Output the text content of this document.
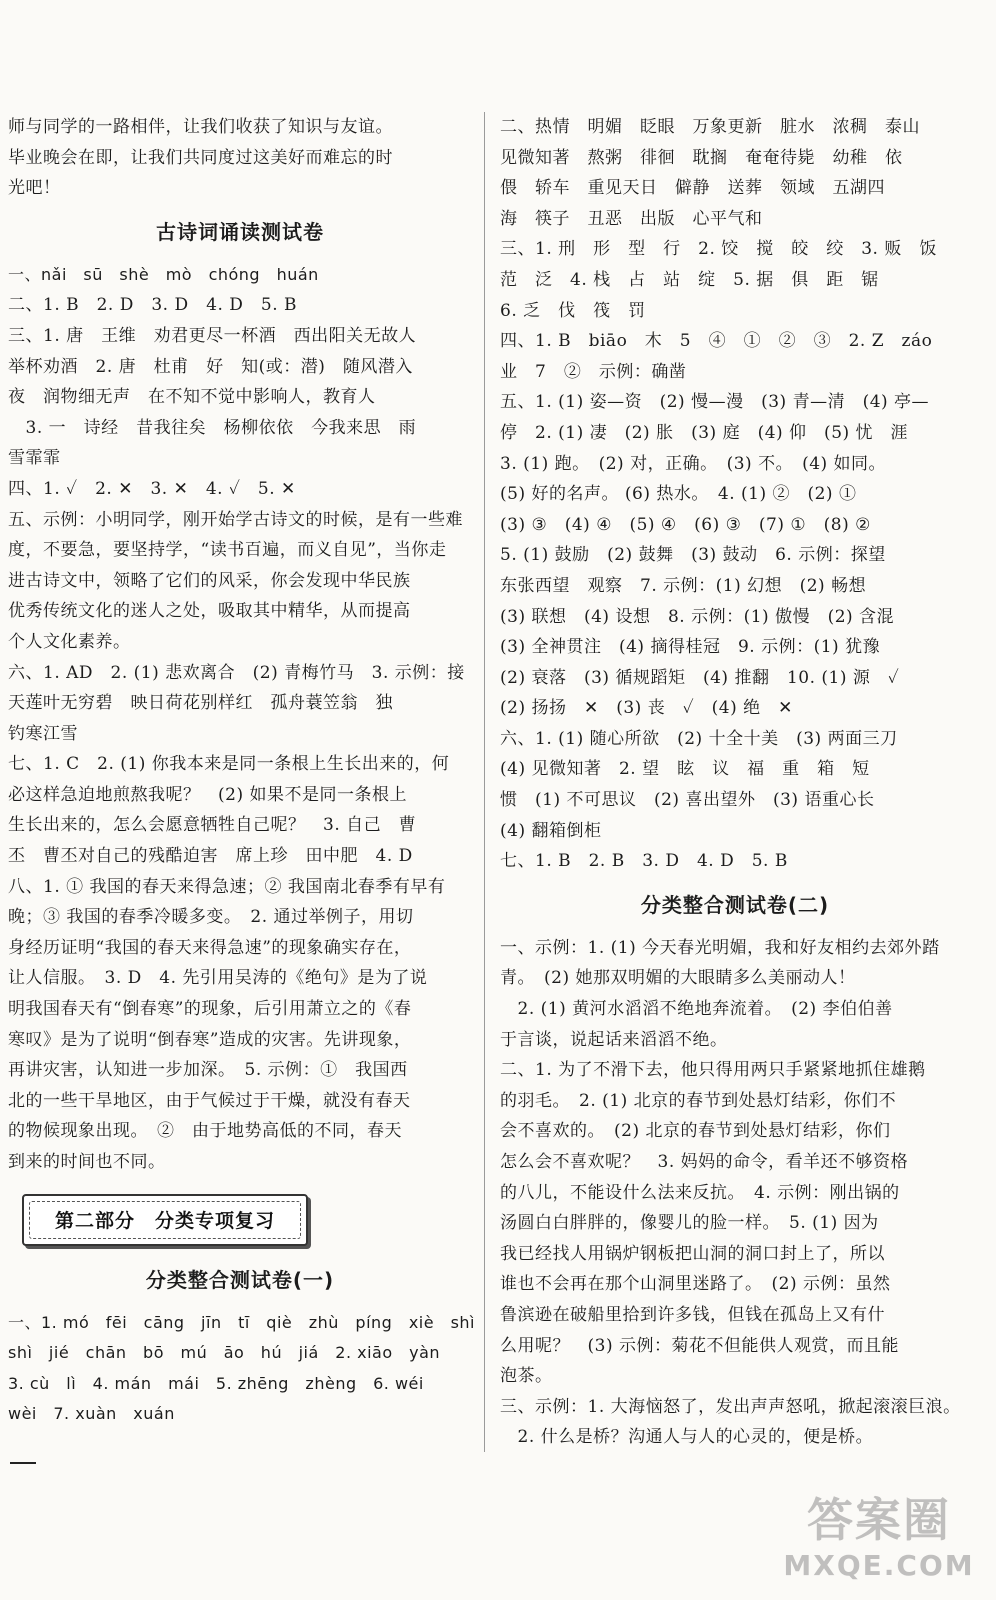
师与同学的一路相伴，让我们收获了知识与友谊。
毕业晚会在即，让我们共同度过这美好而难忘的时
光吧！
古诗词诵读测试卷
一、nǎi　sū　shè　mò　chóng　huán
二、1. B　2. D　3. D　4. D　5. B
三、1. 唐　王维　劝君更尽一杯酒　西出阳关无故人
举杯劝酒　2. 唐　杜甫　好　知(或：潜)　随风潜入
夜　润物细无声　在不知不觉中影响人，教育人
　3. 一　诗经　昔我往矣　杨柳依依　今我来思　雨
雪霏霏
四、1. ✓　2. ✕　3. ✕　4. ✓　5. ✕
五、示例：小明同学，刚开始学古诗文的时候，是有一些难
度，不要急，要坚持学，“读书百遍，而义自见”，当你走
进古诗文中，领略了它们的风采，你会发现中华民族
优秀传统文化的迷人之处，吸取其中精华，从而提高
个人文化素养。
六、1. AD　2. (1) 悲欢离合　(2) 青梅竹马　3. 示例：接
天莲叶无穷碧　映日荷花别样红　孤舟蓑笠翁　独
钓寒江雪
七、1. C　2. (1) 你我本来是同一条根上生长出来的，何
必这样急迫地煎熬我呢？　(2) 如果不是同一条根上
生长出来的，怎么会愿意牺牲自己呢？　3. 自己　曹
丕　曹丕对自己的残酷迫害　席上珍　田中肥　4. D
八、1. ① 我国的春天来得急速；② 我国南北春季有早有
晚；③ 我国的春季冷暖多变。　2. 通过举例子，用切
身经历证明“我国的春天来得急速”的现象确实存在，
让人信服。　3. D　4. 先引用吴涛的《绝句》是为了说
明我国春天有“倒春寒”的现象，后引用萧立之的《春
寒叹》是为了说明“倒春寒”造成的灾害。先讲现象，
再讲灾害，认知进一步加深。　5. 示例：①　我国西
北的一些干旱地区，由于气候过于干燥，就没有春天
的物候现象出现。　②　由于地势高低的不同，春天
到来的时间也不同。
第二部分　分类专项复习
分类整合测试卷(一)
一、1. mó　fēi　cāng　jīn　tī　qiè　zhù　píng　xiè　shì
shì　jié　chān　bō　mú　āo　hú　jiá　2. xiāo　yàn
3. cù　lì　4. mán　mái　5. zhēng　zhèng　6. wéi
wèi　7. xuàn　xuán
二、热情　明媚　眨眼　万象更新　脏水　浓稠　泰山
见微知著　熬粥　徘徊　耽搁　奄奄待毙　幼稚　依
偎　轿车　重见天日　僻静　送葬　领域　五湖四
海　筷子　丑恶　出版　心平气和
三、1. 刑　形　型　行　2. 饺　搅　皎　绞　3. 贩　饭
范　泛　4. 栈　占　站　绽　5. 据　俱　距　锯
6. 乏　伐　筏　罚
四、1. B　biāo　木　5　④　①　②　③　2. Z　záo
业　7　②　示例：确凿
五、1. (1) 姿—资　(2) 慢—漫　(3) 青—清　(4) 亭—
停　2. (1) 凄　(2) 胀　(3) 庭　(4) 仰　(5) 忧　涯
3. (1) 跑。　(2) 对，正确。　(3) 不。　(4) 如同。
(5) 好的名声。 (6) 热水。　4. (1) ②　(2) ①
(3) ③　(4) ④　(5) ④　(6) ③　(7) ①　(8) ②
5. (1) 鼓励　(2) 鼓舞　(3) 鼓动　6. 示例：探望
东张西望　观察　7. 示例：(1) 幻想　(2) 畅想
(3) 联想　(4) 设想　8. 示例：(1) 傲慢　(2) 含混
(3) 全神贯注　(4) 摘得桂冠　9. 示例：(1) 犹豫
(2) 衰落　(3) 循规蹈矩　(4) 推翻　10. (1) 源　✓
(2) 扬扬　✕　(3) 丧　✓　(4) 绝　✕
六、1. (1) 随心所欲　(2) 十全十美　(3) 两面三刀
(4) 见微知著　2. 望　眩　议　福　重　箱　短
惯　(1) 不可思议　(2) 喜出望外　(3) 语重心长
(4) 翻箱倒柜
七、1. B　2. B　3. D　4. D　5. B
分类整合测试卷(二)
一、示例：1. (1) 今天春光明媚，我和好友相约去郊外踏
青。　(2) 她那双明媚的大眼睛多么美丽动人！
　2. (1) 黄河水滔滔不绝地奔流着。　(2) 李伯伯善
于言谈，说起话来滔滔不绝。
二、1. 为了不滑下去，他只得用两只手紧紧地抓住雄鹅
的羽毛。　2. (1) 北京的春节到处悬灯结彩，你们不
会不喜欢的。　(2) 北京的春节到处悬灯结彩，你们
怎么会不喜欢呢？　3. 妈妈的命令，看羊还不够资格
的八儿，不能设什么法来反抗。　4. 示例：刚出锅的
汤圆白白胖胖的，像婴儿的脸一样。　5. (1) 因为
我已经找人用锅炉钢板把山洞的洞口封上了，所以
谁也不会再在那个山洞里迷路了。　(2) 示例：虽然
鲁滨逊在破船里拾到许多钱，但钱在孤岛上又有什
么用呢？　(3) 示例：菊花不但能供人观赏，而且能
泡茶。
三、示例：1. 大海恼怒了，发出声声怒吼，掀起滚滚巨浪。
　2. 什么是桥？沟通人与人的心灵的，便是桥。
答案圈
MXQE.COM
